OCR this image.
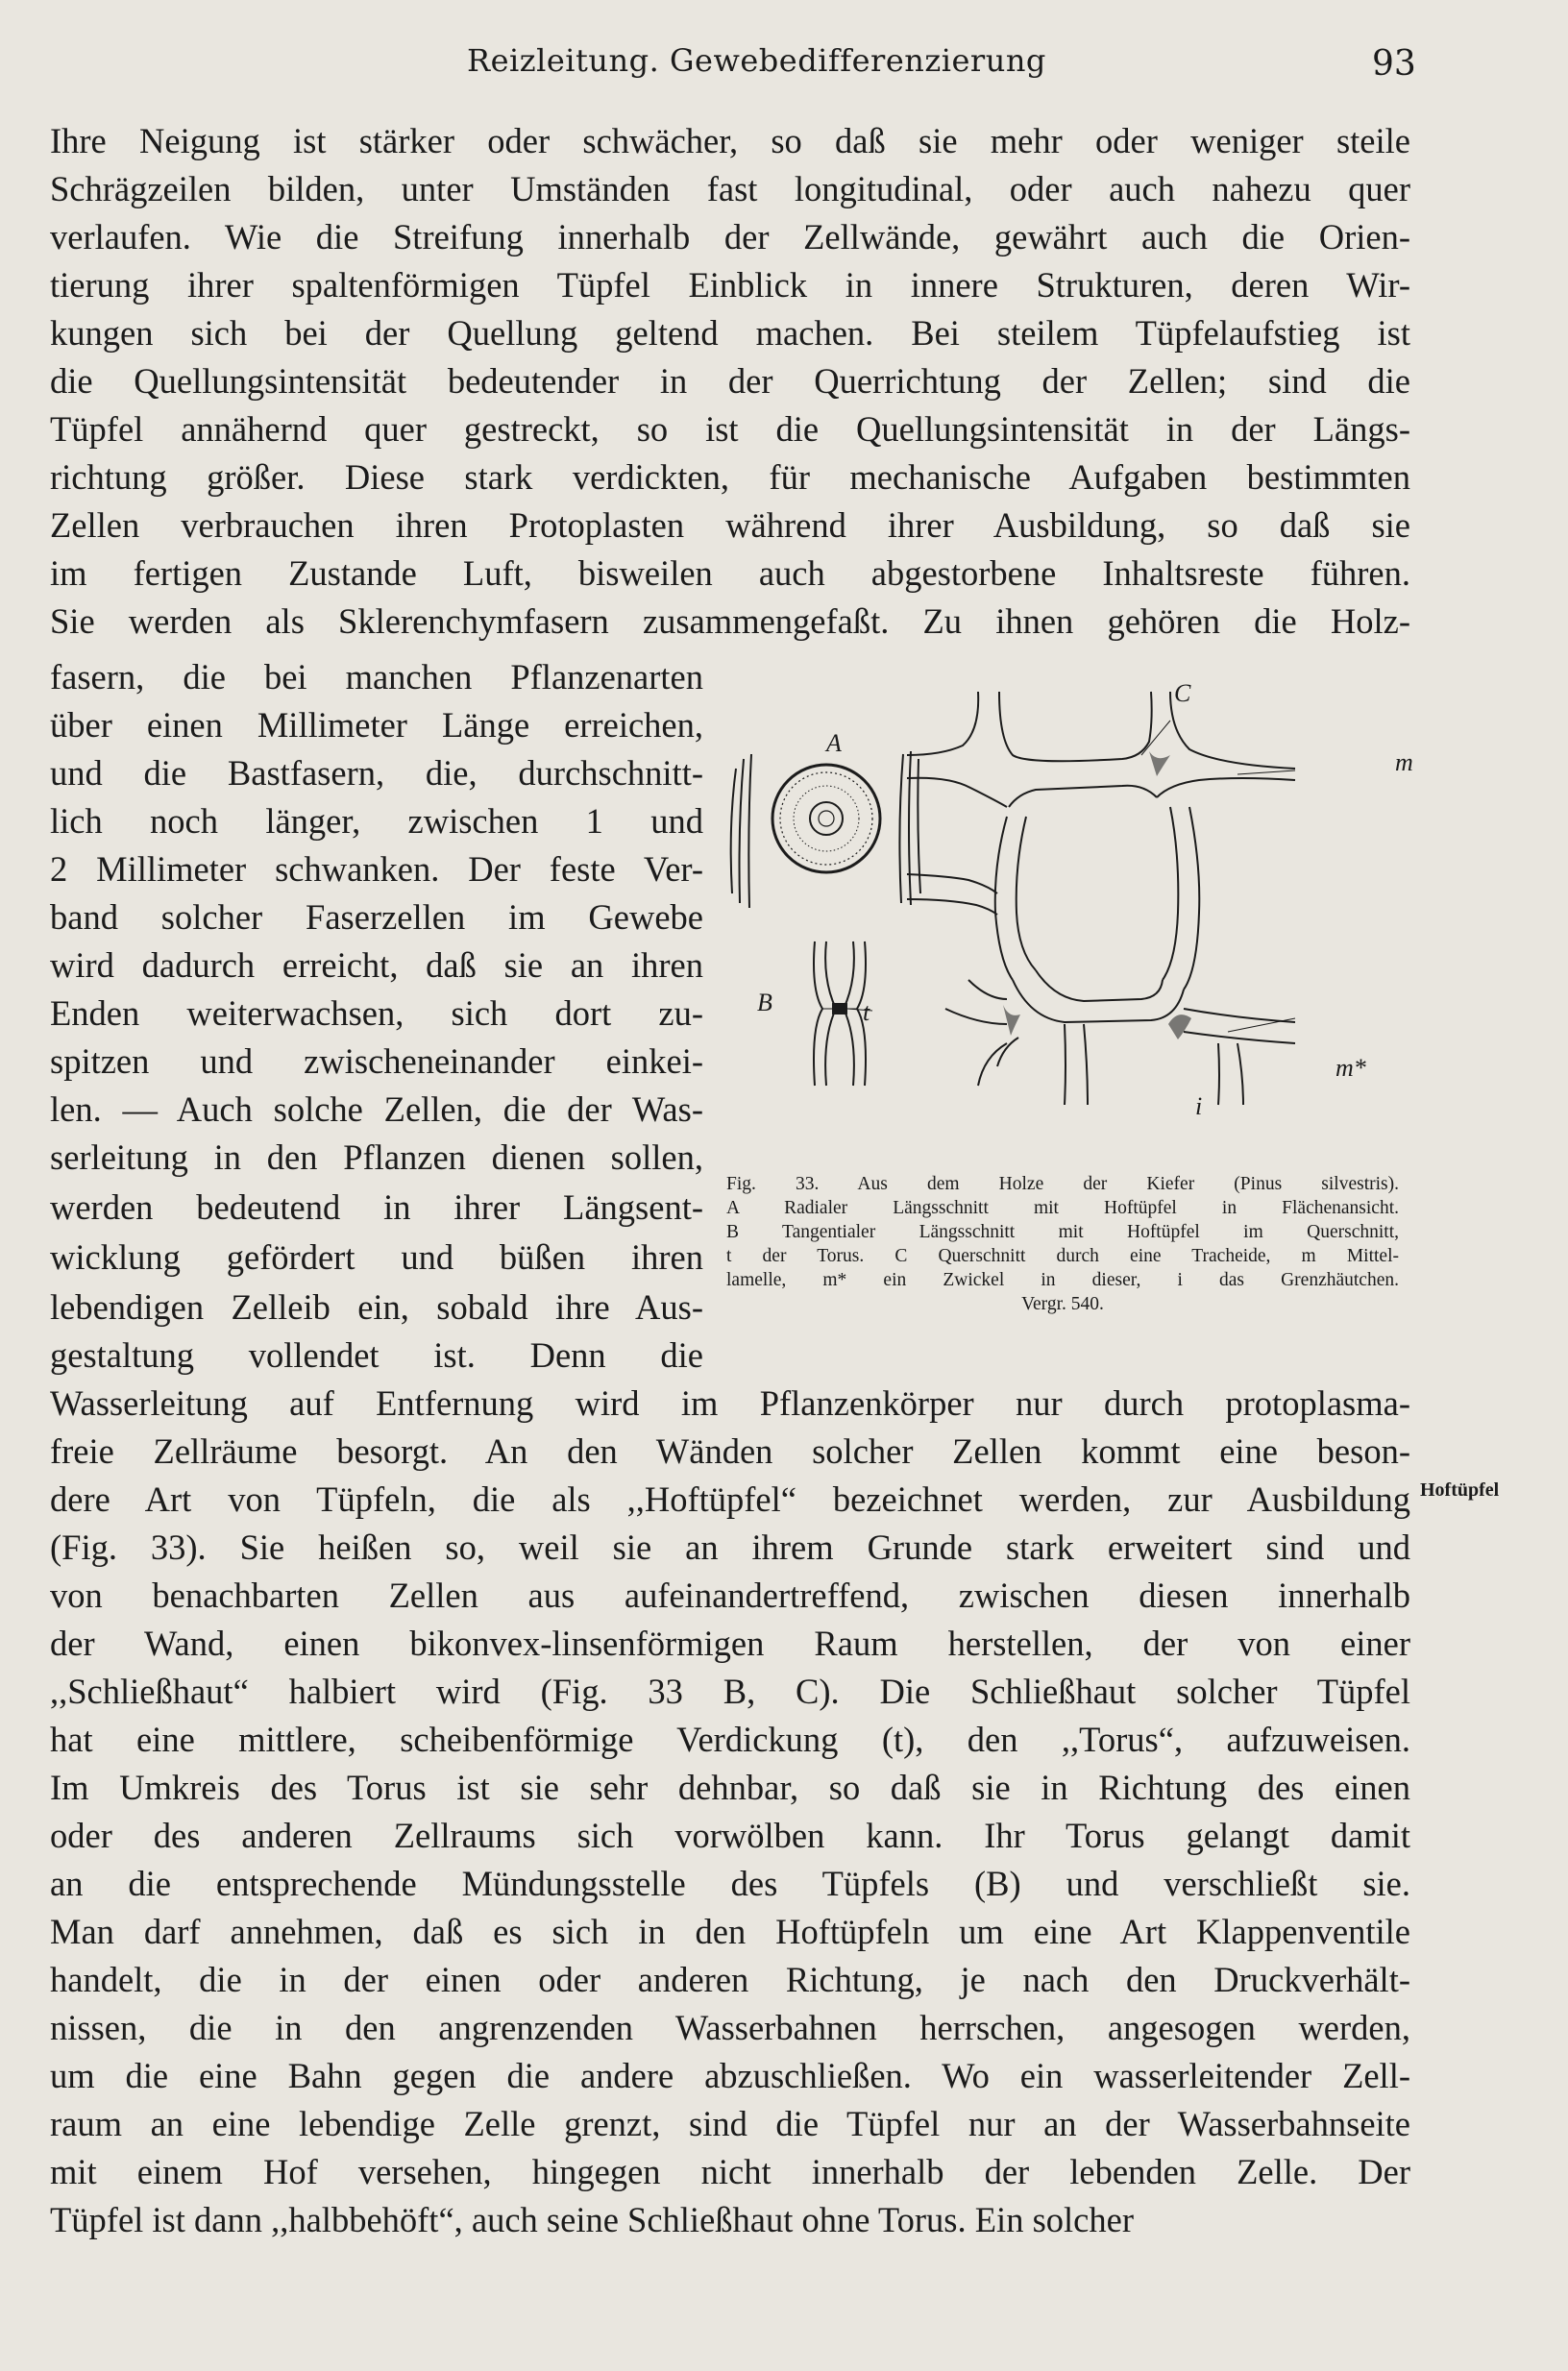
Reizleitung. Gewebedifferenzierung	93
Ihre Neigung ist stärker oder schwächer, so daß sie mehr oder weniger steile
Schrägzeilen bilden, unter Umständen fast longitudinal, oder auch nahezu quer
verlaufen. Wie die Streifung innerhalb der Zellwände, gewährt auch die Orien-
tierung ihrer spaltenförmigen Tüpfel Einblick in innere Strukturen, deren Wir-
kungen sich bei der Quellung geltend machen. Bei steilem Tüpfelaufstieg ist
die Quellungsintensität bedeutender in der Querrichtung der Zellen; sind die
Tüpfel annähernd quer gestreckt, so ist die Quellungsintensität in der Längs-
richtung größer. Diese stark verdickten, für mechanische Aufgaben bestimmten
Zellen verbrauchen ihren Protoplasten während ihrer Ausbildung, so daß sie
im fertigen Zustande Luft, bisweilen auch abgestorbene Inhaltsreste führen.
Sie werden als Sklerenchymfasern zusammengefaßt. Zu ihnen gehören die Holz-
fasern, die bei manchen Pflanzenarten
über einen Millimeter Länge erreichen,
und die Bastfasern, die, durchschnitt-
lich noch länger, zwischen 1 und
2 Millimeter schwanken. Der feste Ver-
band solcher Faserzellen im Gewebe
wird dadurch erreicht, daß sie an ihren
Enden weiterwachsen, sich dort zu-
spitzen und zwischeneinander einkei-
len. — Auch solche Zellen, die der Was-
serleitung in den Pflanzen dienen sollen,
werden bedeutend in ihrer Längsent-
wicklung gefördert und büßen ihren
lebendigen Zelleib ein, sobald ihre Aus-
gestaltung vollendet ist. Denn die
Wasserleitung auf Entfernung wird im Pflanzenkörper nur durch protoplasma-
freie Zellräume besorgt. An den Wänden solcher Zellen kommt eine beson-
dere Art von Tüpfeln, die als ,,Hoftüpfel“ bezeichnet werden, zur Ausbildung
(Fig. 33). Sie heißen so, weil sie an ihrem Grunde stark erweitert sind und
von benachbarten Zellen aus aufeinandertreffend, zwischen diesen innerhalb
der Wand, einen bikonvex-linsenförmigen Raum herstellen, der von einer
,,Schließhaut“ halbiert wird (Fig. 33 B, C). Die Schließhaut solcher Tüpfel
hat eine mittlere, scheibenförmige Verdickung (t), den ,,Torus“, aufzuweisen.
Im Umkreis des Torus ist sie sehr dehnbar, so daß sie in Richtung des einen
oder des anderen Zellraums sich vorwölben kann. Ihr Torus gelangt damit
an die entsprechende Mündungsstelle des Tüpfels (B) und verschließt sie.
Man darf annehmen, daß es sich in den Hoftüpfeln um eine Art Klappenventile
handelt, die in der einen oder anderen Richtung, je nach den Druckverhält-
nissen, die in den angrenzenden Wasserbahnen herrschen, angesogen werden,
um die eine Bahn gegen die andere abzuschließen. Wo ein wasserleitender Zell-
raum an eine lebendige Zelle grenzt, sind die Tüpfel nur an der Wasserbahnseite
mit einem Hof versehen, hingegen nicht innerhalb der lebenden Zelle. Der
Tüpfel ist dann ,,halbbehöft“, auch seine Schließhaut ohne Torus. Ein solcher
Hoftüpfel
A
B	t
C
m
m*
i
Fig. 33. Aus dem Holze der Kiefer (Pinus silvestris).
A Radialer Längsschnitt mit Hoftüpfel in Flächenansicht.
B Tangentialer Längsschnitt mit Hoftüpfel im Querschnitt,
t der Torus. C Querschnitt durch eine Tracheide, m Mittel-
lamelle, m* ein Zwickel in dieser, i das Grenzhäutchen.
Vergr. 540.
